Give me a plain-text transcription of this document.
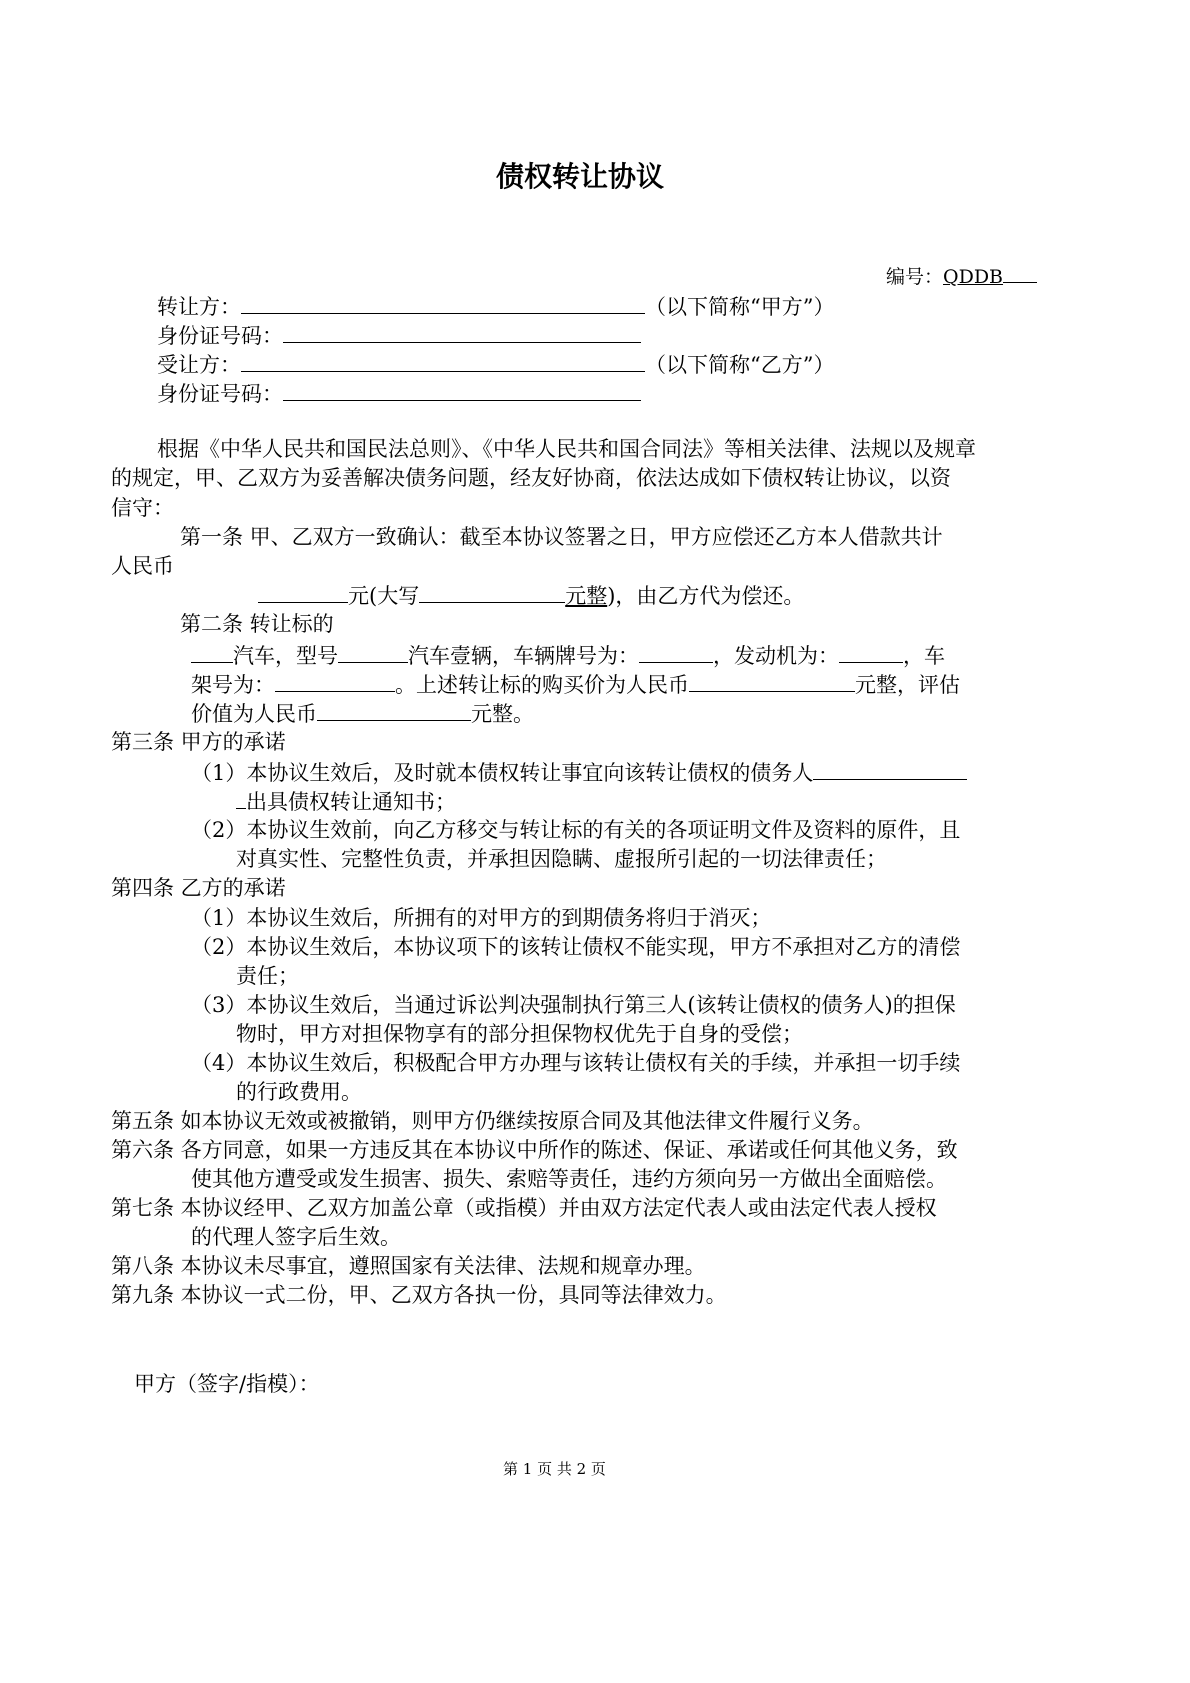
债权转让协议
编号：QDDB
转让方：	（以下简称“甲方”）
身份证号码：
受让方：	（以下简称“乙方”）
身份证号码：
根据《中华人民共和国民法总则》、《中华人民共和国合同法》等相关法律、法规以及规章
的规定，甲、乙双方为妥善解决债务问题，经友好协商，依法达成如下债权转让协议，以资
信守：
第一条 甲、乙双方一致确认：截至本协议签署之日，甲方应偿还乙方本人借款共计
人民币
元(大写	元整)，由乙方代为偿还。
第二条 转让标的
汽车，型号	汽车壹辆，车辆牌号为：	，发动机为：	，车
架号为：	。上述转让标的购买价为人民币	元整，评估
价值为人民币	元整。
第三条 甲方的承诺
（1）本协议生效后，及时就本债权转让事宜向该转让债权的债务人
出具债权转让通知书；
（2）本协议生效前，向乙方移交与转让标的有关的各项证明文件及资料的原件，且
对真实性、完整性负责，并承担因隐瞒、虚报所引起的一切法律责任；
第四条 乙方的承诺
（1）本协议生效后，所拥有的对甲方的到期债务将归于消灭；
（2）本协议生效后，本协议项下的该转让债权不能实现，甲方不承担对乙方的清偿
责任；
（3）本协议生效后，当通过诉讼判决强制执行第三人(该转让债权的债务人)的担保
物时，甲方对担保物享有的部分担保物权优先于自身的受偿；
（4）本协议生效后，积极配合甲方办理与该转让债权有关的手续，并承担一切手续
的行政费用。
第五条 如本协议无效或被撤销，则甲方仍继续按原合同及其他法律文件履行义务。
第六条 各方同意，如果一方违反其在本协议中所作的陈述、保证、承诺或任何其他义务，致
使其他方遭受或发生损害、损失、索赔等责任，违约方须向另一方做出全面赔偿。
第七条 本协议经甲、乙双方加盖公章（或指模）并由双方法定代表人或由法定代表人授权
的代理人签字后生效。
第八条 本协议未尽事宜，遵照国家有关法律、法规和规章办理。
第九条 本协议一式二份，甲、乙双方各执一份，具同等法律效力。
甲方（签字/指模）：
第 1 页 共 2 页
